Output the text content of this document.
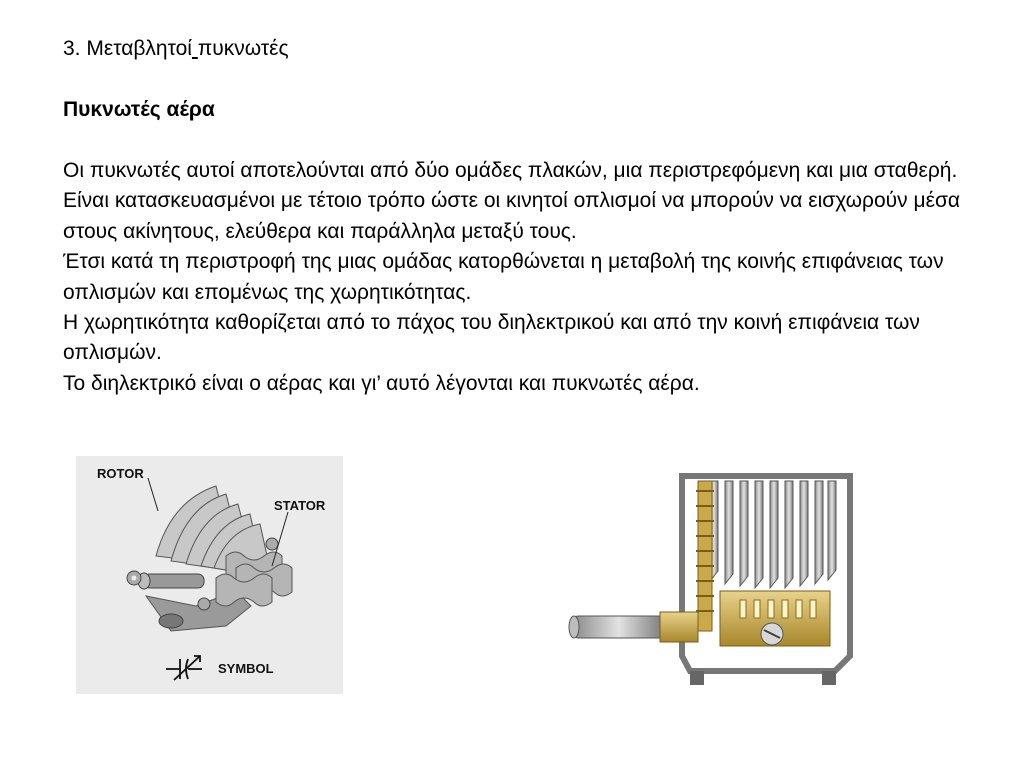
3. Μεταβλητοί πυκνωτές
Πυκνωτές αέρα

Οι πυκνωτές αυτοί αποτελούνται από δύο ομάδες πλακών, μια περιστρεφόμενη και μια σταθερή.

Είναι κατασκευασμένοι με τέτοιο τρόπο ώστε οι κινητοί οπλισμοί να μπορούν να εισχωρούν μέσα στους ακίνητους, ελεύθερα και παράλληλα μεταξύ τους.

Έτσι κατά τη περιστροφή της μιας ομάδας κατορθώνεται η μεταβολή της κοινής επιφάνειας των οπλισμών και επομένως της χωρητικότητας.

Η χωρητικότητα καθορίζεται από το πάχος του διηλεκτρικού και από την κοινή επιφάνεια των οπλισμών.

Το διηλεκτρικό είναι ο αέρας και γι’ αυτό λέγονται και πυκνωτές αέρα.

ROTOR
STATOR
SYMBOL
